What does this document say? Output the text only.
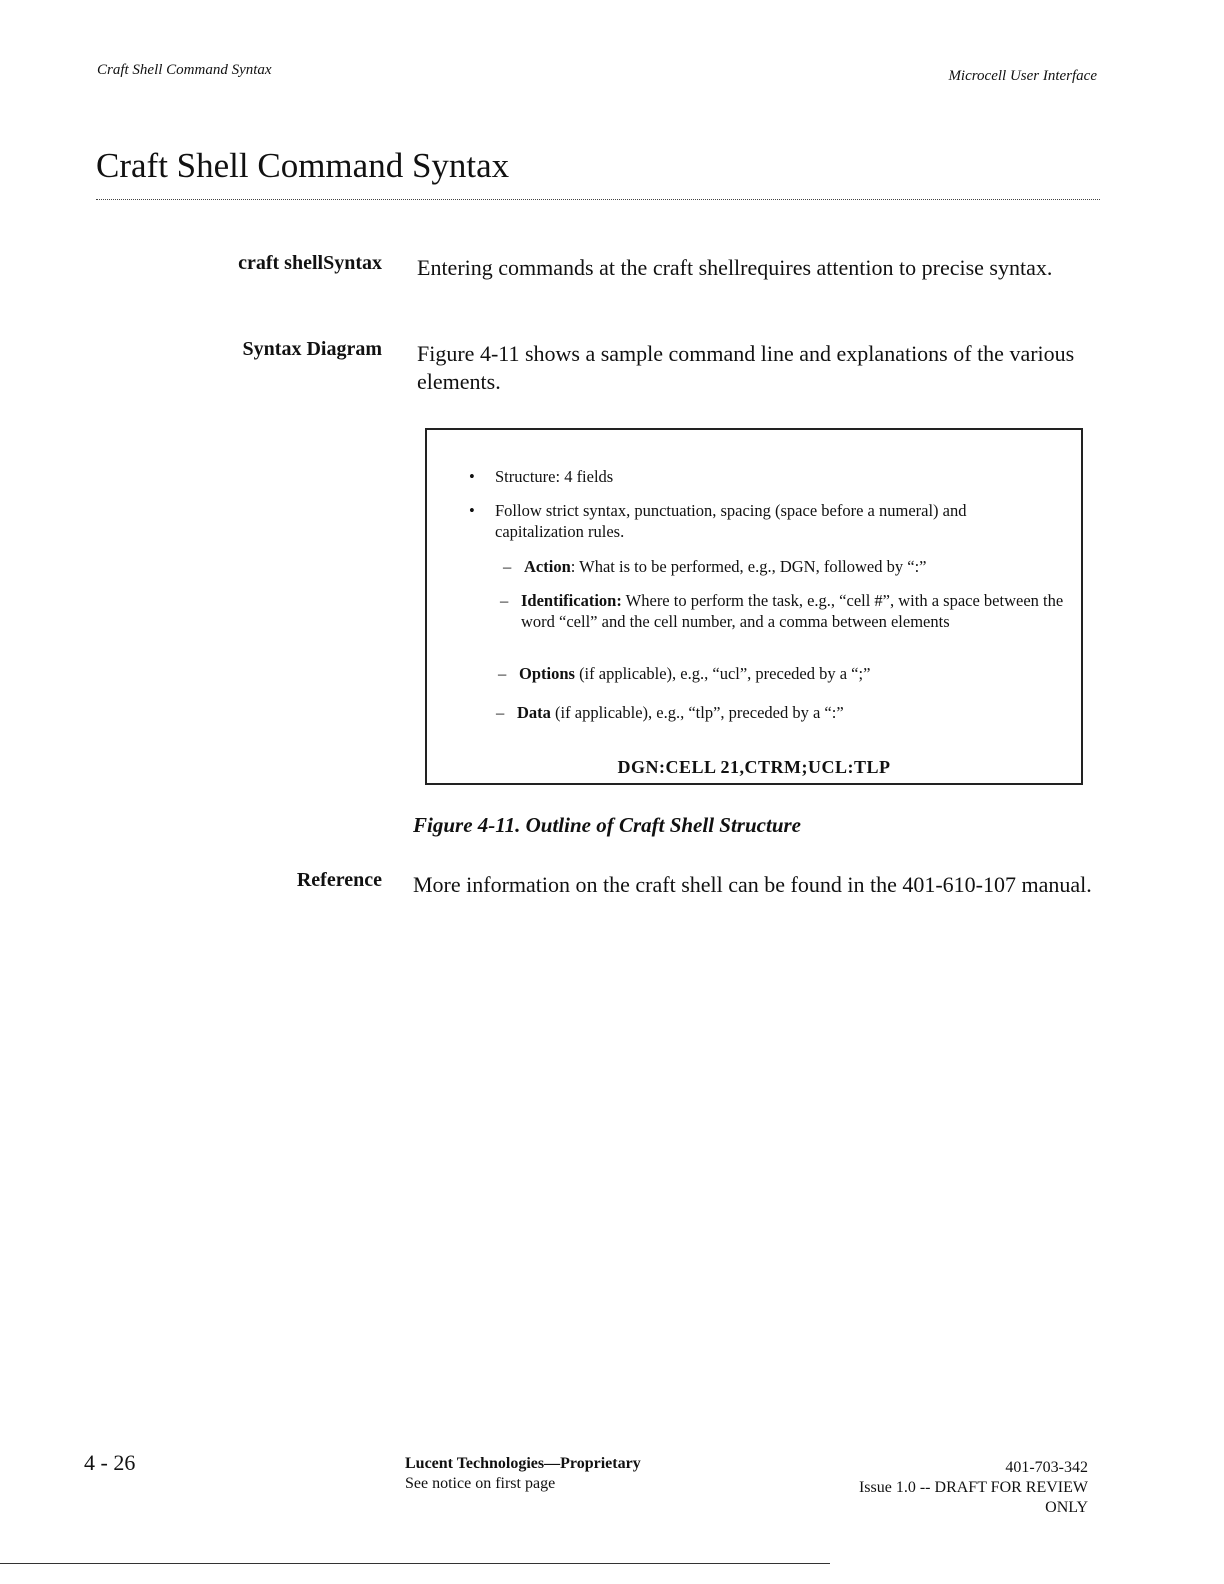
Craft Shell Command Syntax	Microcell User Interface
Craft Shell Command Syntax
craft shellSyntax Entering commands at the craft shellrequires attention to precise syntax.
Syntax Diagram Figure 4-11 shows a sample command line and explanations of the various elements.
• Structure: 4 fields
• Follow strict syntax, punctuation, spacing (space before a numeral) and capitalization rules.
– Action: What is to be performed, e.g., DGN, followed by “:”
– Identification: Where to perform the task, e.g., “cell #”, with a space between the word “cell” and the cell number, and a comma between elements
– Options (if applicable), e.g., “ucl”, preceded by a “;”
– Data (if applicable), e.g., “tlp”, preceded by a “:”
DGN:CELL 21,CTRM;UCL:TLP
Figure 4-11. Outline of Craft Shell Structure
Reference More information on the craft shell can be found in the 401-610-107 manual.
4 - 26	Lucent Technologies—Proprietary
See notice on first page
401-703-342
Issue 1.0 -- DRAFT FOR REVIEW
ONLY
